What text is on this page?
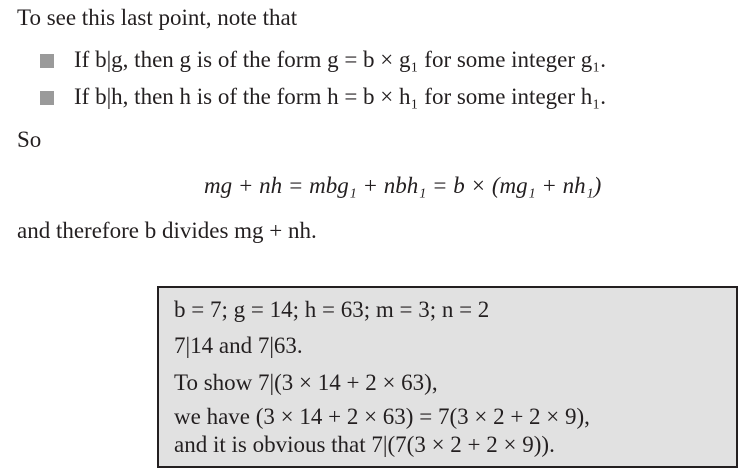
To see this last point, note that
If b|g, then g is of the form g = b × g₁ for some integer g₁.
If b|h, then h is of the form h = b × h₁ for some integer h₁.
So
mg + nh = mbg₁ + nbh₁ = b × (mg₁ + nh₁)
and therefore b divides mg + nh.
b = 7; g = 14; h = 63; m = 3; n = 2
7|14 and 7|63.
To show 7|(3 × 14 + 2 × 63),
we have (3 × 14 + 2 × 63) = 7(3 × 2 + 2 × 9),
and it is obvious that 7|(7(3 × 2 + 2 × 9)).
